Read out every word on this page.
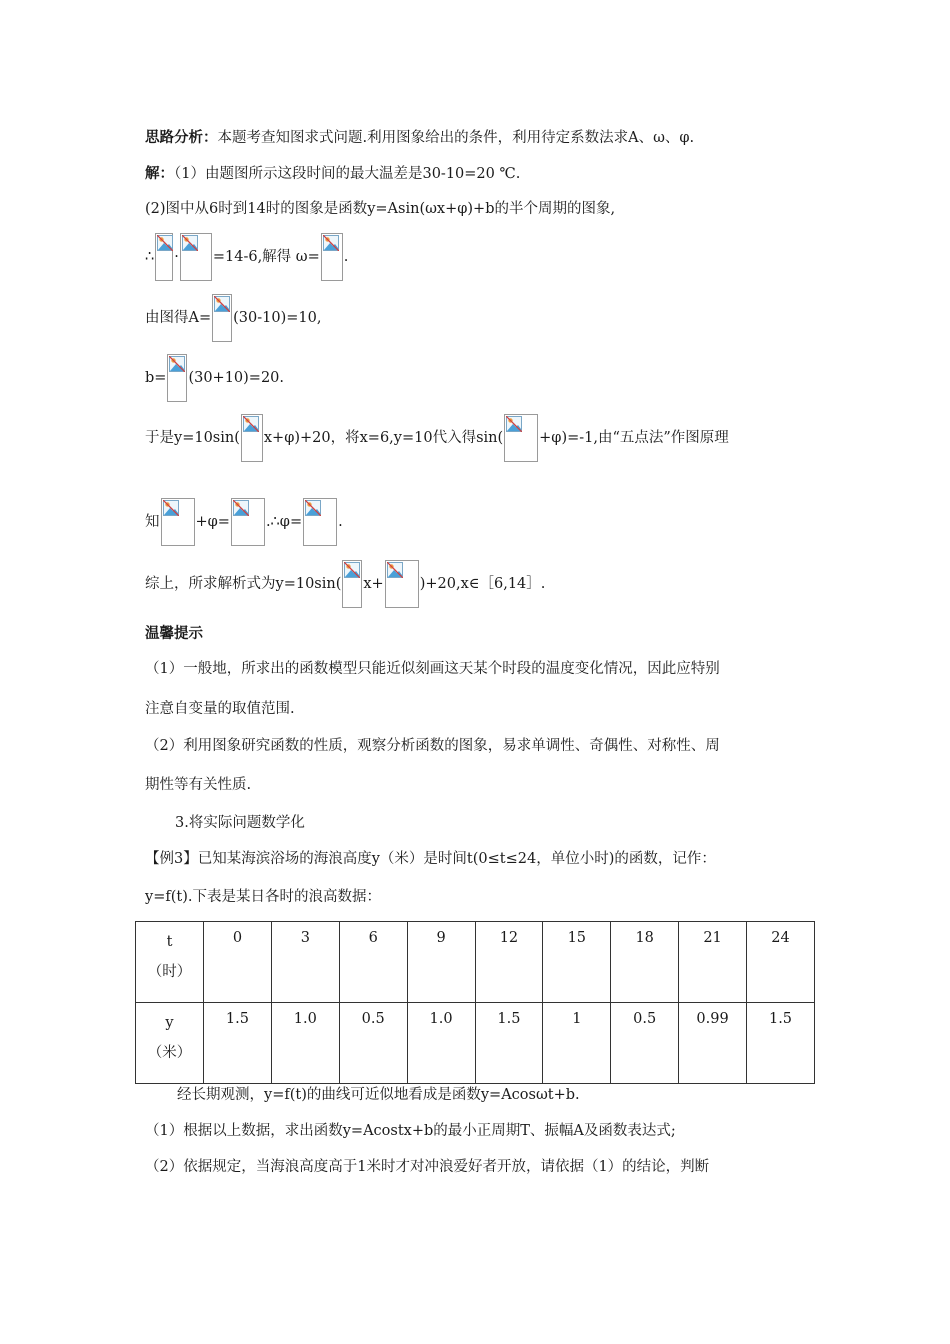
思路分析：本题考查知图求式问题.利用图象给出的条件，利用待定系数法求A、ω、φ.
解：（1）由题图所示这段时间的最大温差是30-10=20 ℃.
(2)图中从6时到14时的图象是函数y=Asin(ωx+φ)+b的半个周期的图象,
∴ · =14-6,解得 ω= .
由图得A= (30-10)=10,
b= (30+10)=20.
于是y=10sin( x+φ)+20，将x=6,y=10代入得sin( +φ)=-1,由“五点法”作图原理
知 +φ= .∴φ= .
综上，所求解析式为y=10sin( x+ )+20,x∈［6,14］.
温馨提示
（1）一般地，所求出的函数模型只能近似刻画这天某个时段的温度变化情况，因此应特别
注意自变量的取值范围.
（2）利用图象研究函数的性质，观察分析函数的图象，易求单调性、奇偶性、对称性、周
期性等有关性质.
3.将实际问题数学化
【例3】已知某海滨浴场的海浪高度y（米）是时间t(0≤t≤24，单位小时)的函数，记作：
y=f(t).下表是某日各时的浪高数据：
t
（时）	0	3	6	9	12	15	18	21	24

y
（米）	1.5	1.0	0.5	1.0	1.5	1	0.5	0.99	1.5
经长期观测，y=f(t)的曲线可近似地看成是函数y=Acosωt+b.
（1）根据以上数据，求出函数y=Acostx+b的最小正周期T、振幅A及函数表达式;
（2）依据规定，当海浪高度高于1米时才对冲浪爱好者开放，请依据（1）的结论，判断
